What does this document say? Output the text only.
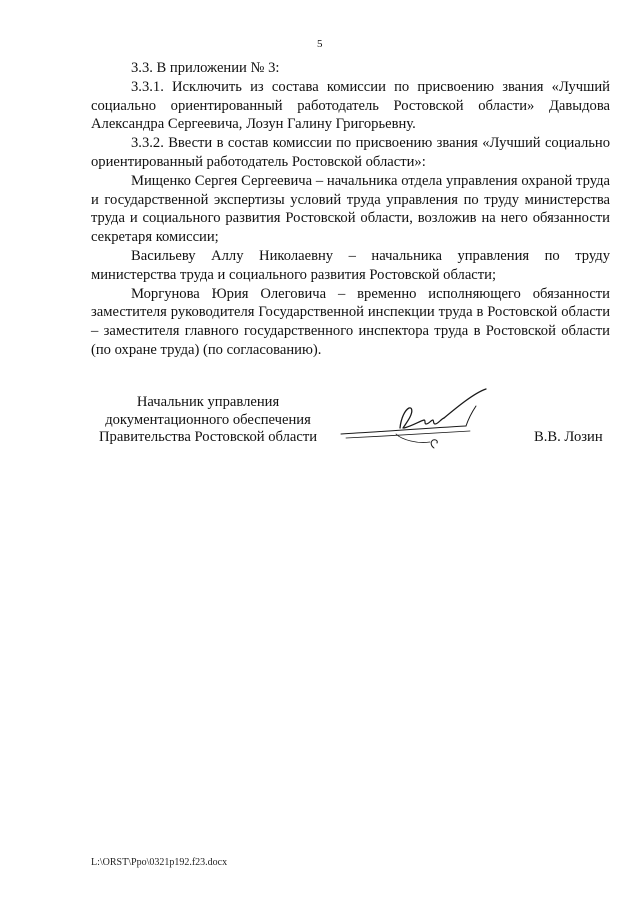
5

3.3. В приложении № 3:

3.3.1. Исключить из состава комиссии по присвоению звания «Лучший социально ориентированный работодатель Ростовской области» Давыдова Александра Сергеевича, Лозун Галину Григорьевну.

3.3.2. Ввести в состав комиссии по присвоению звания «Лучший социально ориентированный работодатель Ростовской области»:

Мищенко Сергея Сергеевича – начальника отдела управления охраной труда и государственной экспертизы условий труда управления по труду министерства труда и социального развития Ростовской области, возложив на него обязанности секретаря комиссии;

Васильеву Аллу Николаевну – начальника управления по труду министерства труда и социального развития Ростовской области;

Моргунова Юрия Олеговича – временно исполняющего обязанности заместителя руководителя Государственной инспекции труда в Ростовской области – заместителя главного государственного инспектора труда в Ростовской области (по охране труда) (по согласованию).

Начальник управления
документационного обеспечения
Правительства Ростовской области	В.В. Лозин
L:\ORST\Ppo\0321p192.f23.docx
